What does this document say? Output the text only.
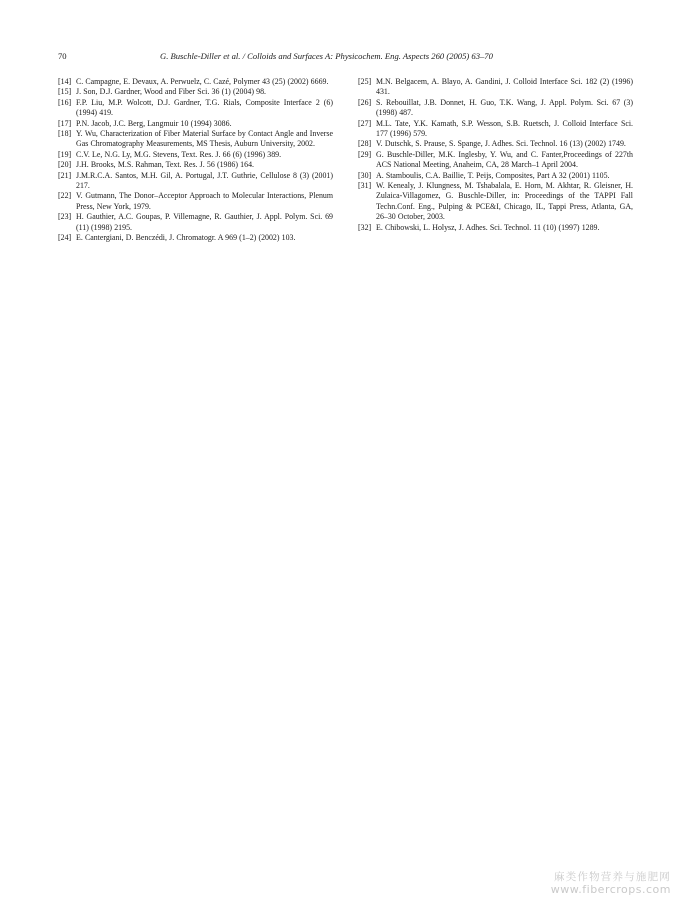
70	G. Buschle-Diller et al. / Colloids and Surfaces A: Physicochem. Eng. Aspects 260 (2005) 63–70
[14] C. Campagne, E. Devaux, A. Perwuelz, C. Cazé, Polymer 43 (25) (2002) 6669.
[15] J. Son, D.J. Gardner, Wood and Fiber Sci. 36 (1) (2004) 98.
[16] F.P. Liu, M.P. Wolcott, D.J. Gardner, T.G. Rials, Composite Interface 2 (6) (1994) 419.
[17] P.N. Jacob, J.C. Berg, Langmuir 10 (1994) 3086.
[18] Y. Wu, Characterization of Fiber Material Surface by Contact Angle and Inverse Gas Chromatography Measurements, MS Thesis, Auburn University, 2002.
[19] C.V. Le, N.G. Ly, M.G. Stevens, Text. Res. J. 66 (6) (1996) 389.
[20] J.H. Brooks, M.S. Rahman, Text. Res. J. 56 (1986) 164.
[21] J.M.R.C.A. Santos, M.H. Gil, A. Portugal, J.T. Guthrie, Cellulose 8 (3) (2001) 217.
[22] V. Gutmann, The Donor–Acceptor Approach to Molecular Interactions, Plenum Press, New York, 1979.
[23] H. Gauthier, A.C. Goupas, P. Villemagne, R. Gauthier, J. Appl. Polym. Sci. 69 (11) (1998) 2195.
[24] E. Cantergiani, D. Benczédi, J. Chromatogr. A 969 (1–2) (2002) 103.
[25] M.N. Belgacem, A. Blayo, A. Gandini, J. Colloid Interface Sci. 182 (2) (1996) 431.
[26] S. Rebouillat, J.B. Donnet, H. Guo, T.K. Wang, J. Appl. Polym. Sci. 67 (3) (1998) 487.
[27] M.L. Tate, Y.K. Kamath, S.P. Wesson, S.B. Ruetsch, J. Colloid Interface Sci. 177 (1996) 579.
[28] V. Dutschk, S. Prause, S. Spange, J. Adhes. Sci. Technol. 16 (13) (2002) 1749.
[29] G. Buschle-Diller, M.K. Inglesby, Y. Wu, and C. Fanter,Proceedings of 227th ACS National Meeting, Anaheim, CA, 28 March–1 April 2004.
[30] A. Stamboulis, C.A. Baillie, T. Peijs, Composites, Part A 32 (2001) 1105.
[31] W. Kenealy, J. Klungness, M. Tshabalala, E. Horn, M. Akhtar, R. Gleisner, H. Zulaica-Villagomez, G. Buschle-Diller, in: Proceedings of the TAPPI Fall Techn.Conf. Eng., Pulping & PCE&I, Chicago, IL, Tappi Press, Atlanta, GA, 26–30 October, 2003.
[32] E. Chibowski, L. Holysz, J. Adhes. Sci. Technol. 11 (10) (1997) 1289.
麻类作物营养与施肥网
www.fibercrops.com
